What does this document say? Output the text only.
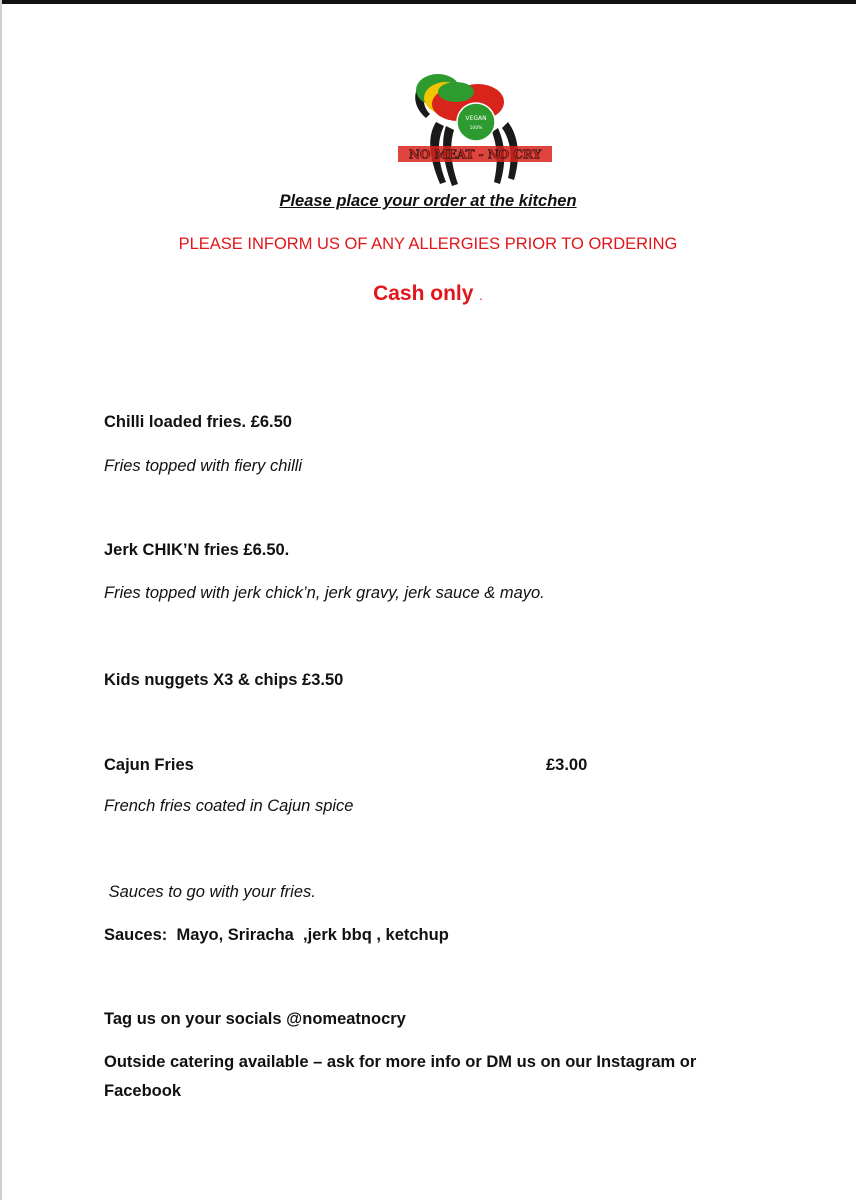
VEGAN
100%
NO MEAT - NO CRY
Please place your order at the kitchen
PLEASE INFORM US OF ANY ALLERGIES PRIOR TO ORDERING
Cash only .
Chilli loaded fries. £6.50
Fries topped with fiery chilli
Jerk CHIK’N fries £6.50.
Fries topped with jerk chick’n, jerk gravy, jerk sauce & mayo.
Kids nuggets X3 & chips £3.50
Cajun Fries	£3.00
French fries coated in Cajun spice
Sauces to go with your fries.
Sauces:  Mayo, Sriracha  ,jerk bbq , ketchup
Tag us on your socials @nomeatnocry
Outside catering available – ask for more info or DM us on our Instagram or
Facebook
